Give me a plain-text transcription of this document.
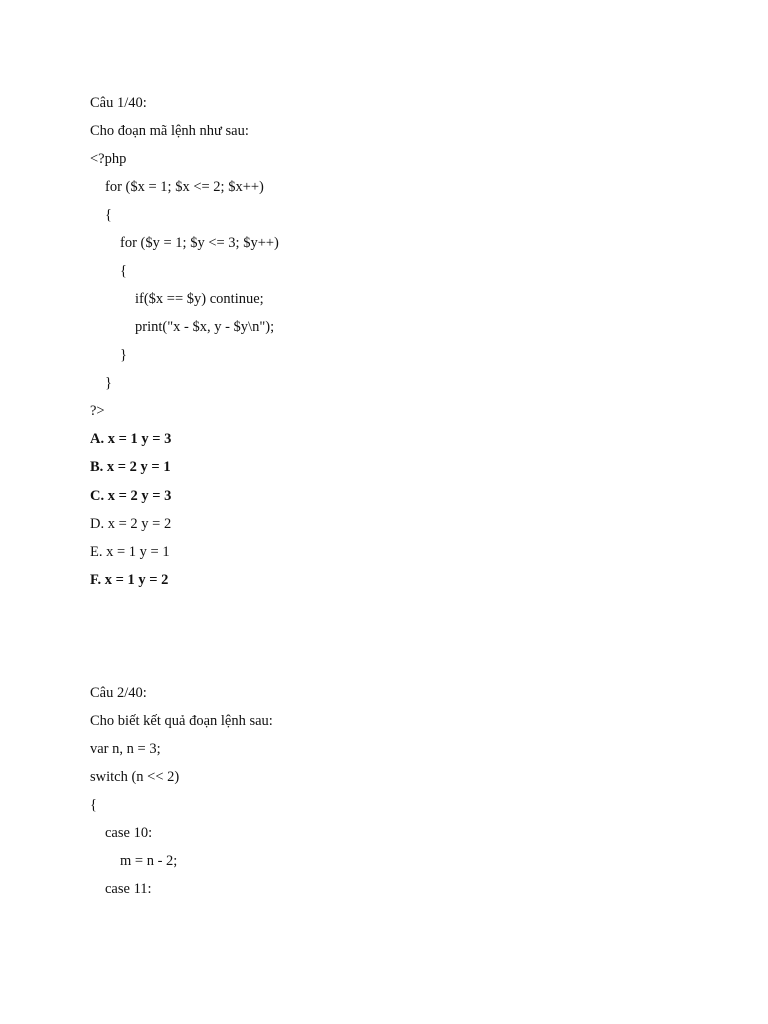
Câu 1/40:
Cho đoạn mã lệnh như sau:
<?php
for ($x = 1; $x <= 2; $x++)
{
for ($y = 1; $y <= 3; $y++)
{
if($x == $y) continue;
print("x - $x, y - $y\n");
}
}
?>
A. x = 1 y = 3
B. x = 2 y = 1
C. x = 2 y = 3
D. x = 2 y = 2
E. x = 1 y = 1
F. x = 1 y = 2
Câu 2/40:
Cho biết kết quả đoạn lệnh sau:
var n, n = 3;
switch (n << 2)
{
case 10:
m = n - 2;
case 11:
